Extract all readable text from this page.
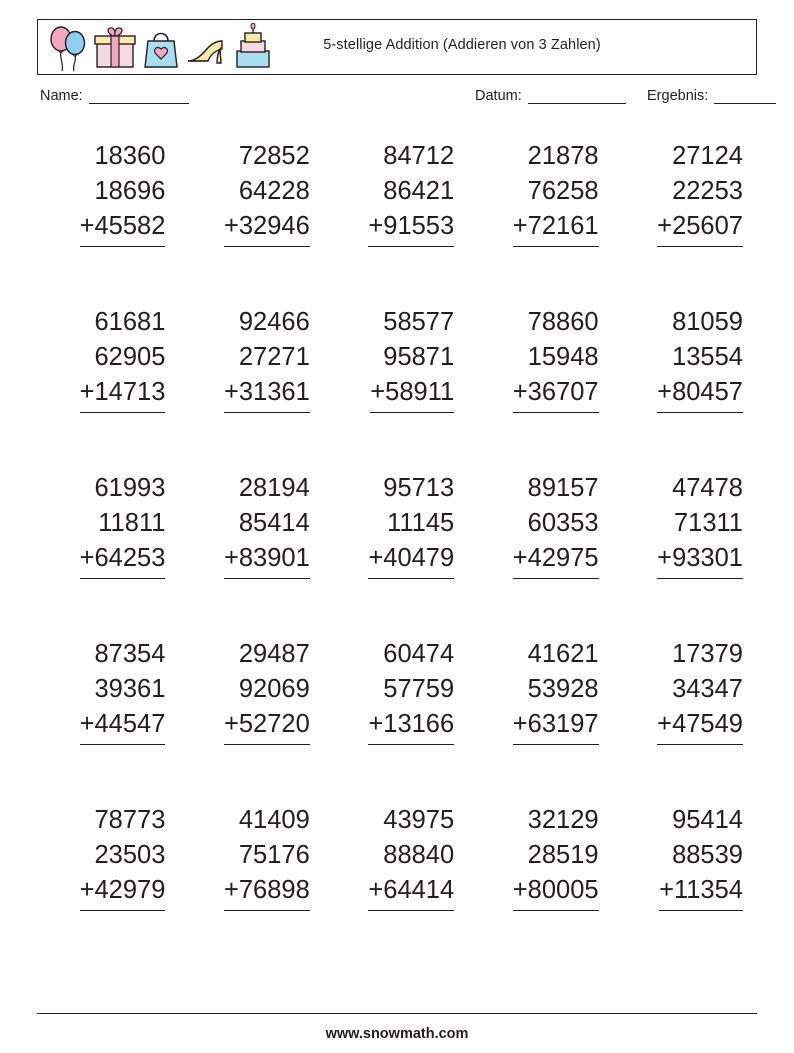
5-stellige Addition (Addieren von 3 Zahlen)
Name:	Datum:	Ergebnis:
18360
18696
+45582
72852
64228
+32946
84712
86421
+91553
21878
76258
+72161
27124
22253
+25607
61681
62905
+14713
92466
27271
+31361
58577
95871
+58911
78860
15948
+36707
81059
13554
+80457
61993
11811
+64253
28194
85414
+83901
95713
11145
+40479
89157
60353
+42975
47478
71311
+93301
87354
39361
+44547
29487
92069
+52720
60474
57759
+13166
41621
53928
+63197
17379
34347
+47549
78773
23503
+42979
41409
75176
+76898
43975
88840
+64414
32129
28519
+80005
95414
88539
+11354
www.snowmath.com
